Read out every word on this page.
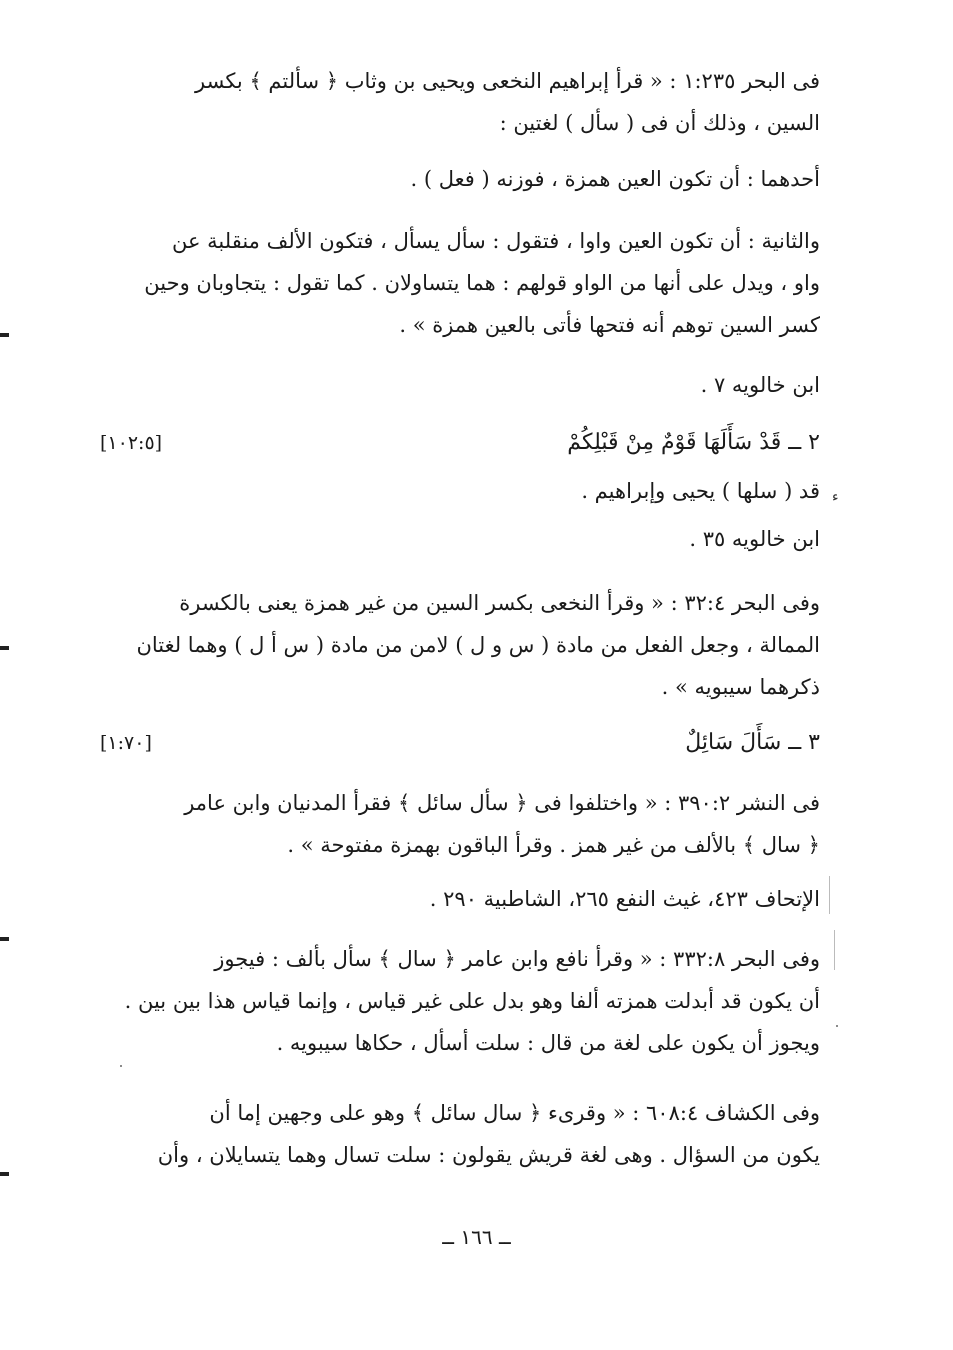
فى البحر ١:٢٣٥ : « قرأ إبراهيم النخعى ويحيى بن وثاب ﴿ سألتم ﴾ بكسر
السين ، وذلك أن فى ( سأل ) لغتين :
أحدهما : أن تكون العين همزة ، فوزنه ( فعل ) .
والثانية : أن تكون العين واوا ، فتقول : سأل يسأل ، فتكون الألف منقلبة عن
واو ، ويدل على أنها من الواو قولهم : هما يتساولان . كما تقول : يتجاوبان وحين
كسر السين توهم أنه فتحها فأتى بالعين همزة » .
ابن خالويه ٧ .
٢ ــ قَدْ سَأَلَهَا قَوْمٌ مِنْ قَبْلِكُمْ
[١٠٢:٥]
قد ( سلها ) يحيى وإبراهيم .
ابن خالويه ٣٥ .
وفى البحر ٣٢:٤ : « وقرأ النخعى بكسر السين من غير همزة يعنى بالكسرة
الممالة ، وجعل الفعل من مادة ( س و ل ) لامن من مادة ( س أ ل ) وهما لغتان
ذكرهما سيبويه » .
٣ ــ سَأَلَ سَائِلٌ
[١:٧٠]
فى النشر ٣٩٠:٢ : « واختلفوا فى ﴿ سأل سائل ﴾ فقرأ المدنيان وابن عامر
﴿ سال ﴾ بالألف من غير همز . وقرأ الباقون بهمزة مفتوحة » .
الإتحاف ٤٢٣، غيث النفع ٢٦٥، الشاطبية ٢٩٠ .
وفى البحر ٣٣٢:٨ : « وقرأ نافع وابن عامر ﴿ سال ﴾ سأل بألف : فيجوز
أن يكون قد أبدلت همزته ألفا وهو بدل على غير قياس ، وإنما قياس هذا بين بين .
ويجوز أن يكون على لغة من قال : سلت أسأل ، حكاها سيبويه .
وفى الكشاف ٦٠٨:٤ : « وقرىء ﴿ سال سائل ﴾ وهو على وجهين إما أن
يكون من السؤال . وهى لغة قريش يقولون : سلت تسال وهما يتسايلان ، وأن
ــ ١٦٦ ــ
ء
